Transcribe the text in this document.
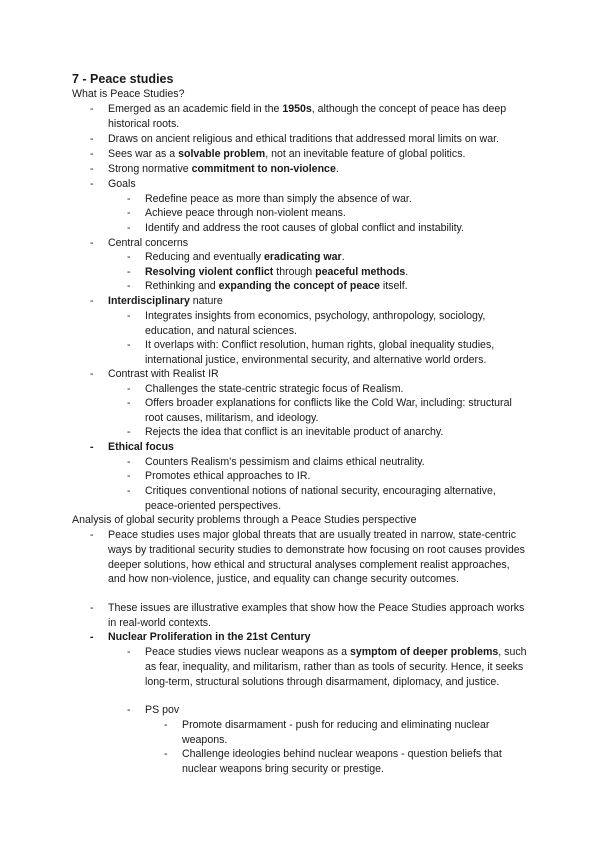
7 - Peace studies
What is Peace Studies?
- Emerged as an academic field in the 1950s, although the concept of peace has deep historical roots.
- Draws on ancient religious and ethical traditions that addressed moral limits on war.
- Sees war as a solvable problem, not an inevitable feature of global politics.
- Strong normative commitment to non-violence.
- Goals
- Redefine peace as more than simply the absence of war.
- Achieve peace through non-violent means.
- Identify and address the root causes of global conflict and instability.
- Central concerns
- Reducing and eventually eradicating war.
- Resolving violent conflict through peaceful methods.
- Rethinking and expanding the concept of peace itself.
- Interdisciplinary nature
- Integrates insights from economics, psychology, anthropology, sociology, education, and natural sciences.
- It overlaps with: Conflict resolution, human rights, global inequality studies, international justice, environmental security, and alternative world orders.
- Contrast with Realist IR
- Challenges the state-centric strategic focus of Realism.
- Offers broader explanations for conflicts like the Cold War, including: structural root causes, militarism, and ideology.
- Rejects the idea that conflict is an inevitable product of anarchy.
- Ethical focus
- Counters Realism's pessimism and claims ethical neutrality.
- Promotes ethical approaches to IR.
- Critiques conventional notions of national security, encouraging alternative, peace-oriented perspectives.
Analysis of global security problems through a Peace Studies perspective
- Peace studies uses major global threats that are usually treated in narrow, state-centric ways by traditional security studies to demonstrate how focusing on root causes provides deeper solutions, how ethical and structural analyses complement realist approaches, and how non-violence, justice, and equality can change security outcomes.
- These issues are illustrative examples that show how the Peace Studies approach works in real-world contexts.
- Nuclear Proliferation in the 21st Century
- Peace studies views nuclear weapons as a symptom of deeper problems, such as fear, inequality, and militarism, rather than as tools of security. Hence, it seeks long-term, structural solutions through disarmament, diplomacy, and justice.
- PS pov
- Promote disarmament - push for reducing and eliminating nuclear weapons.
- Challenge ideologies behind nuclear weapons - question beliefs that nuclear weapons bring security or prestige.
